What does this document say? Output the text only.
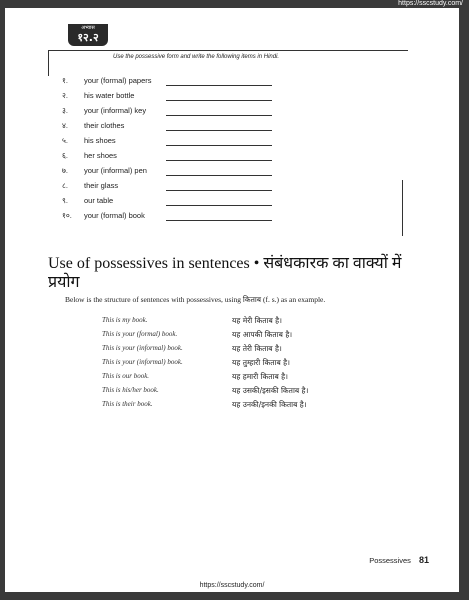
https://sscstudy.com/
अभ्यास
१२.२
Use the possessive form and write the following items in Hindi.
१.	your (formal) papers
२.	his water bottle
३.	your (informal) key
४.	their clothes
५.	his shoes
६.	her shoes
७.	your (informal) pen
८.	their glass
९.	our table
१०.	your (formal) book
Use of possessives in sentences • संबंधकारक का वाक्यों में प्रयोग
Below is the structure of sentences with possessives, using किताब (f. s.) as an example.
This is my book.	यह मेरी किताब है।
This is your (formal) book.	यह आपकी किताब है।
This is your (informal) book.	यह तेरी किताब है।
This is your (informal) book.	यह तुम्हारी किताब है।
This is our book.	यह हमारी किताब है।
This is his/her book.	यह उसकी/इसकी किताब है।
This is their book.	यह उनकी/इनकी किताब है।
Possessives 81
https://sscstudy.com/
